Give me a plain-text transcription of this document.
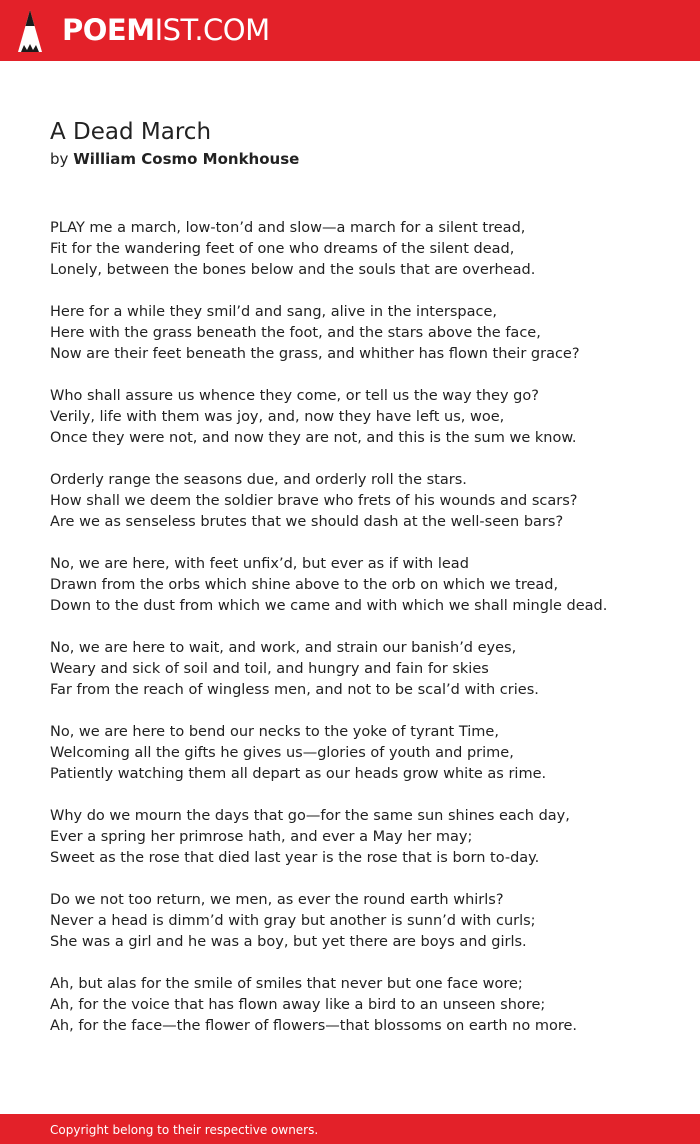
POEMIST.COM
A Dead March
by William Cosmo Monkhouse
PLAY me a march, low-ton’d and slow—a march for a silent tread,
Fit for the wandering feet of one who dreams of the silent dead,
Lonely, between the bones below and the souls that are overhead.
Here for a while they smil’d and sang, alive in the interspace,
Here with the grass beneath the foot, and the stars above the face,
Now are their feet beneath the grass, and whither has flown their grace?
Who shall assure us whence they come, or tell us the way they go?
Verily, life with them was joy, and, now they have left us, woe,
Once they were not, and now they are not, and this is the sum we know.
Orderly range the seasons due, and orderly roll the stars.
How shall we deem the soldier brave who frets of his wounds and scars?
Are we as senseless brutes that we should dash at the well-seen bars?
No, we are here, with feet unfix’d, but ever as if with lead
Drawn from the orbs which shine above to the orb on which we tread,
Down to the dust from which we came and with which we shall mingle dead.
No, we are here to wait, and work, and strain our banish’d eyes,
Weary and sick of soil and toil, and hungry and fain for skies
Far from the reach of wingless men, and not to be scal’d with cries.
No, we are here to bend our necks to the yoke of tyrant Time,
Welcoming all the gifts he gives us—glories of youth and prime,
Patiently watching them all depart as our heads grow white as rime.
Why do we mourn the days that go—for the same sun shines each day,
Ever a spring her primrose hath, and ever a May her may;
Sweet as the rose that died last year is the rose that is born to-day.
Do we not too return, we men, as ever the round earth whirls?
Never a head is dimm’d with gray but another is sunn’d with curls;
She was a girl and he was a boy, but yet there are boys and girls.
Ah, but alas for the smile of smiles that never but one face wore;
Ah, for the voice that has flown away like a bird to an unseen shore;
Ah, for the face—the flower of flowers—that blossoms on earth no more.
Copyright belong to their respective owners.
